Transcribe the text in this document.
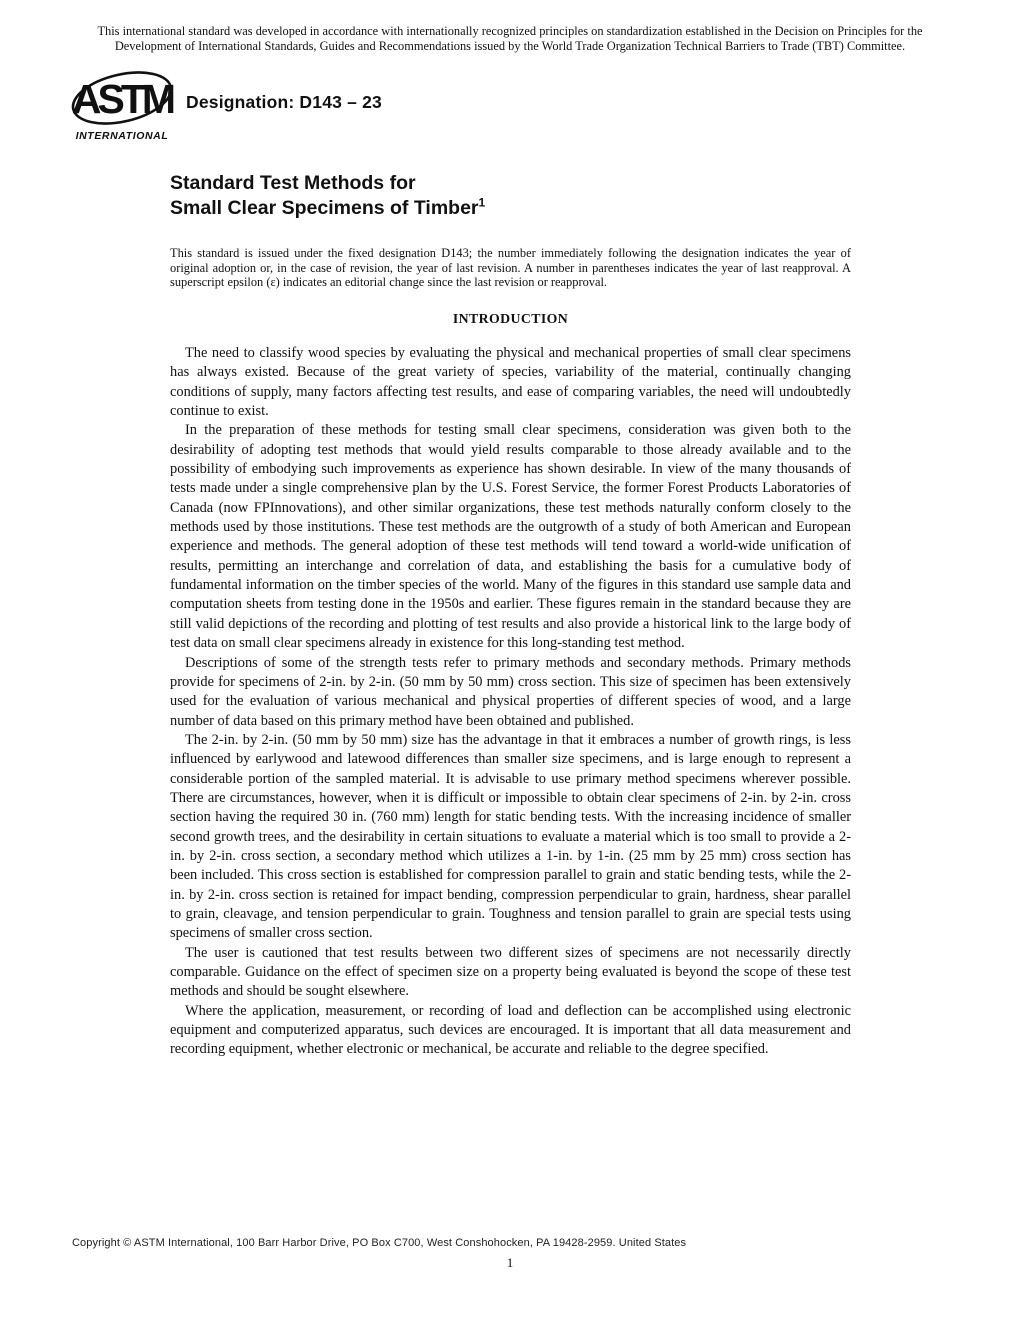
This international standard was developed in accordance with internationally recognized principles on standardization established in the Decision on Principles for the Development of International Standards, Guides and Recommendations issued by the World Trade Organization Technical Barriers to Trade (TBT) Committee.

ASTM
INTERNATIONAL
Designation: D143 – 23
Standard Test Methods for
Small Clear Specimens of Timber$^1$

This standard is issued under the fixed designation D143; the number immediately following the designation indicates the year of original adoption or, in the case of revision, the year of last revision. A number in parentheses indicates the year of last reapproval. A superscript epsilon (ε) indicates an editorial change since the last revision or reapproval.

INTRODUCTION

The need to classify wood species by evaluating the physical and mechanical properties of small clear specimens has always existed. Because of the great variety of species, variability of the material, continually changing conditions of supply, many factors affecting test results, and ease of comparing variables, the need will undoubtedly continue to exist.

In the preparation of these methods for testing small clear specimens, consideration was given both to the desirability of adopting test methods that would yield results comparable to those already available and to the possibility of embodying such improvements as experience has shown desirable. In view of the many thousands of tests made under a single comprehensive plan by the U.S. Forest Service, the former Forest Products Laboratories of Canada (now FPInnovations), and other similar organizations, these test methods naturally conform closely to the methods used by those institutions. These test methods are the outgrowth of a study of both American and European experience and methods. The general adoption of these test methods will tend toward a world-wide unification of results, permitting an interchange and correlation of data, and establishing the basis for a cumulative body of fundamental information on the timber species of the world. Many of the figures in this standard use sample data and computation sheets from testing done in the 1950s and earlier. These figures remain in the standard because they are still valid depictions of the recording and plotting of test results and also provide a historical link to the large body of test data on small clear specimens already in existence for this long-standing test method.

Descriptions of some of the strength tests refer to primary methods and secondary methods. Primary methods provide for specimens of 2-in. by 2-in. (50 mm by 50 mm) cross section. This size of specimen has been extensively used for the evaluation of various mechanical and physical properties of different species of wood, and a large number of data based on this primary method have been obtained and published.

The 2-in. by 2-in. (50 mm by 50 mm) size has the advantage in that it embraces a number of growth rings, is less influenced by earlywood and latewood differences than smaller size specimens, and is large enough to represent a considerable portion of the sampled material. It is advisable to use primary method specimens wherever possible. There are circumstances, however, when it is difficult or impossible to obtain clear specimens of 2-in. by 2-in. cross section having the required 30 in. (760 mm) length for static bending tests. With the increasing incidence of smaller second growth trees, and the desirability in certain situations to evaluate a material which is too small to provide a 2-in. by 2-in. cross section, a secondary method which utilizes a 1-in. by 1-in. (25 mm by 25 mm) cross section has been included. This cross section is established for compression parallel to grain and static bending tests, while the 2-in. by 2-in. cross section is retained for impact bending, compression perpendicular to grain, hardness, shear parallel to grain, cleavage, and tension perpendicular to grain. Toughness and tension parallel to grain are special tests using specimens of smaller cross section.

The user is cautioned that test results between two different sizes of specimens are not necessarily directly comparable. Guidance on the effect of specimen size on a property being evaluated is beyond the scope of these test methods and should be sought elsewhere.

Where the application, measurement, or recording of load and deflection can be accomplished using electronic equipment and computerized apparatus, such devices are encouraged. It is important that all data measurement and recording equipment, whether electronic or mechanical, be accurate and reliable to the degree specified.

Copyright © ASTM International, 100 Barr Harbor Drive, PO Box C700, West Conshohocken, PA 19428-2959. United States

1
